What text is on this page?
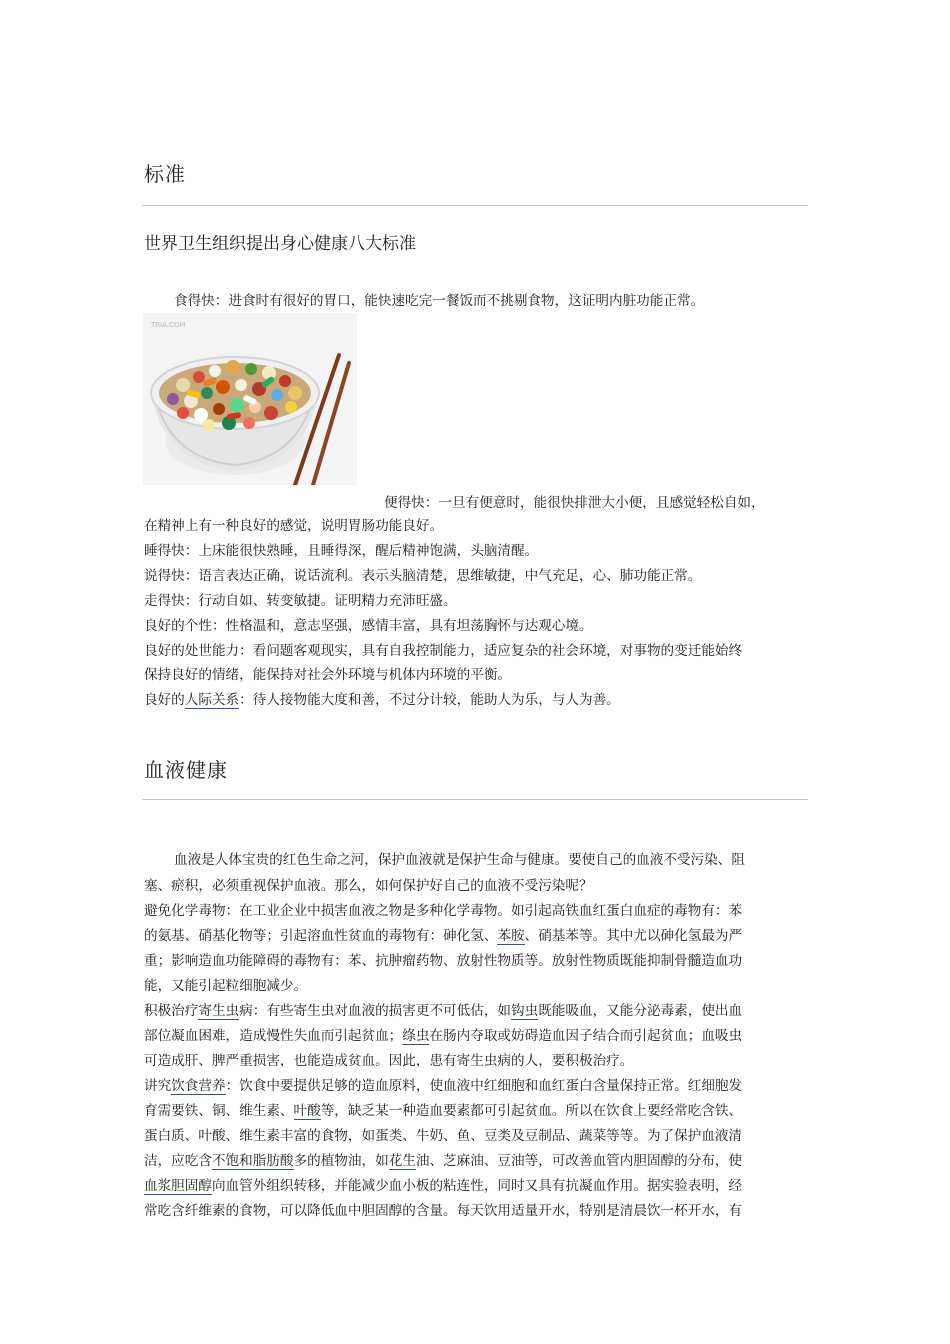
标准
世界卫生组织提出身心健康八大标准

食得快：进食时有很好的胃口，能快速吃完一餐饭而不挑剔食物，这证明内脏功能正常。

TRIA.COM

便得快：一旦有便意时，能很快排泄大小便，且感觉轻松自如，

在精神上有一种良好的感觉，说明胃肠功能良好。

睡得快：上床能很快熟睡，且睡得深，醒后精神饱满，头脑清醒。

说得快：语言表达正确，说话流利。表示头脑清楚，思维敏捷，中气充足，心、肺功能正常。

走得快：行动自如、转变敏捷。证明精力充沛旺盛。

良好的个性：性格温和，意志坚强，感情丰富，具有坦荡胸怀与达观心境。

良好的处世能力：看问题客观现实，具有自我控制能力，适应复杂的社会环境，对事物的变迁能始终

保持良好的情绪，能保持对社会外环境与机体内环境的平衡。

良好的人际关系：待人接物能大度和善，不过分计较，能助人为乐，与人为善。

血液健康

血液是人体宝贵的红色生命之河，保护血液就是保护生命与健康。要使自己的血液不受污染、阻

塞、瘀积，必须重视保护血液。那么，如何保护好自己的血液不受污染呢？

避免化学毒物：在工业企业中损害血液之物是多种化学毒物。如引起高铁血红蛋白血症的毒物有：苯

的氨基、硝基化物等；引起溶血性贫血的毒物有：砷化氢、苯胺、硝基苯等。其中尤以砷化氢最为严

重；影响造血功能障碍的毒物有：苯、抗肿瘤药物、放射性物质等。放射性物质既能抑制骨髓造血功

能，又能引起粒细胞减少。

积极治疗寄生虫病：有些寄生虫对血液的损害更不可低估，如钩虫既能吸血，又能分泌毒素，使出血

部位凝血困难，造成慢性失血而引起贫血；绦虫在肠内夺取或妨碍造血因子结合而引起贫血；血吸虫

可造成肝、脾严重损害，也能造成贫血。因此，患有寄生虫病的人，要积极治疗。

讲究饮食营养：饮食中要提供足够的造血原料，使血液中红细胞和血红蛋白含量保持正常。红细胞发

育需要铁、铜、维生素、叶酸等，缺乏某一种造血要素都可引起贫血。所以在饮食上要经常吃含铁、

蛋白质、叶酸、维生素丰富的食物，如蛋类、牛奶、鱼、豆类及豆制品、蔬菜等等。为了保护血液清

洁，应吃含不饱和脂肪酸多的植物油，如花生油、芝麻油、豆油等，可改善血管内胆固醇的分布，使

血浆胆固醇向血管外组织转移，并能减少血小板的粘连性，同时又具有抗凝血作用。据实验表明，经

常吃含纤维素的食物，可以降低血中胆固醇的含量。每天饮用适量开水，特别是清晨饮一杯开水，有
